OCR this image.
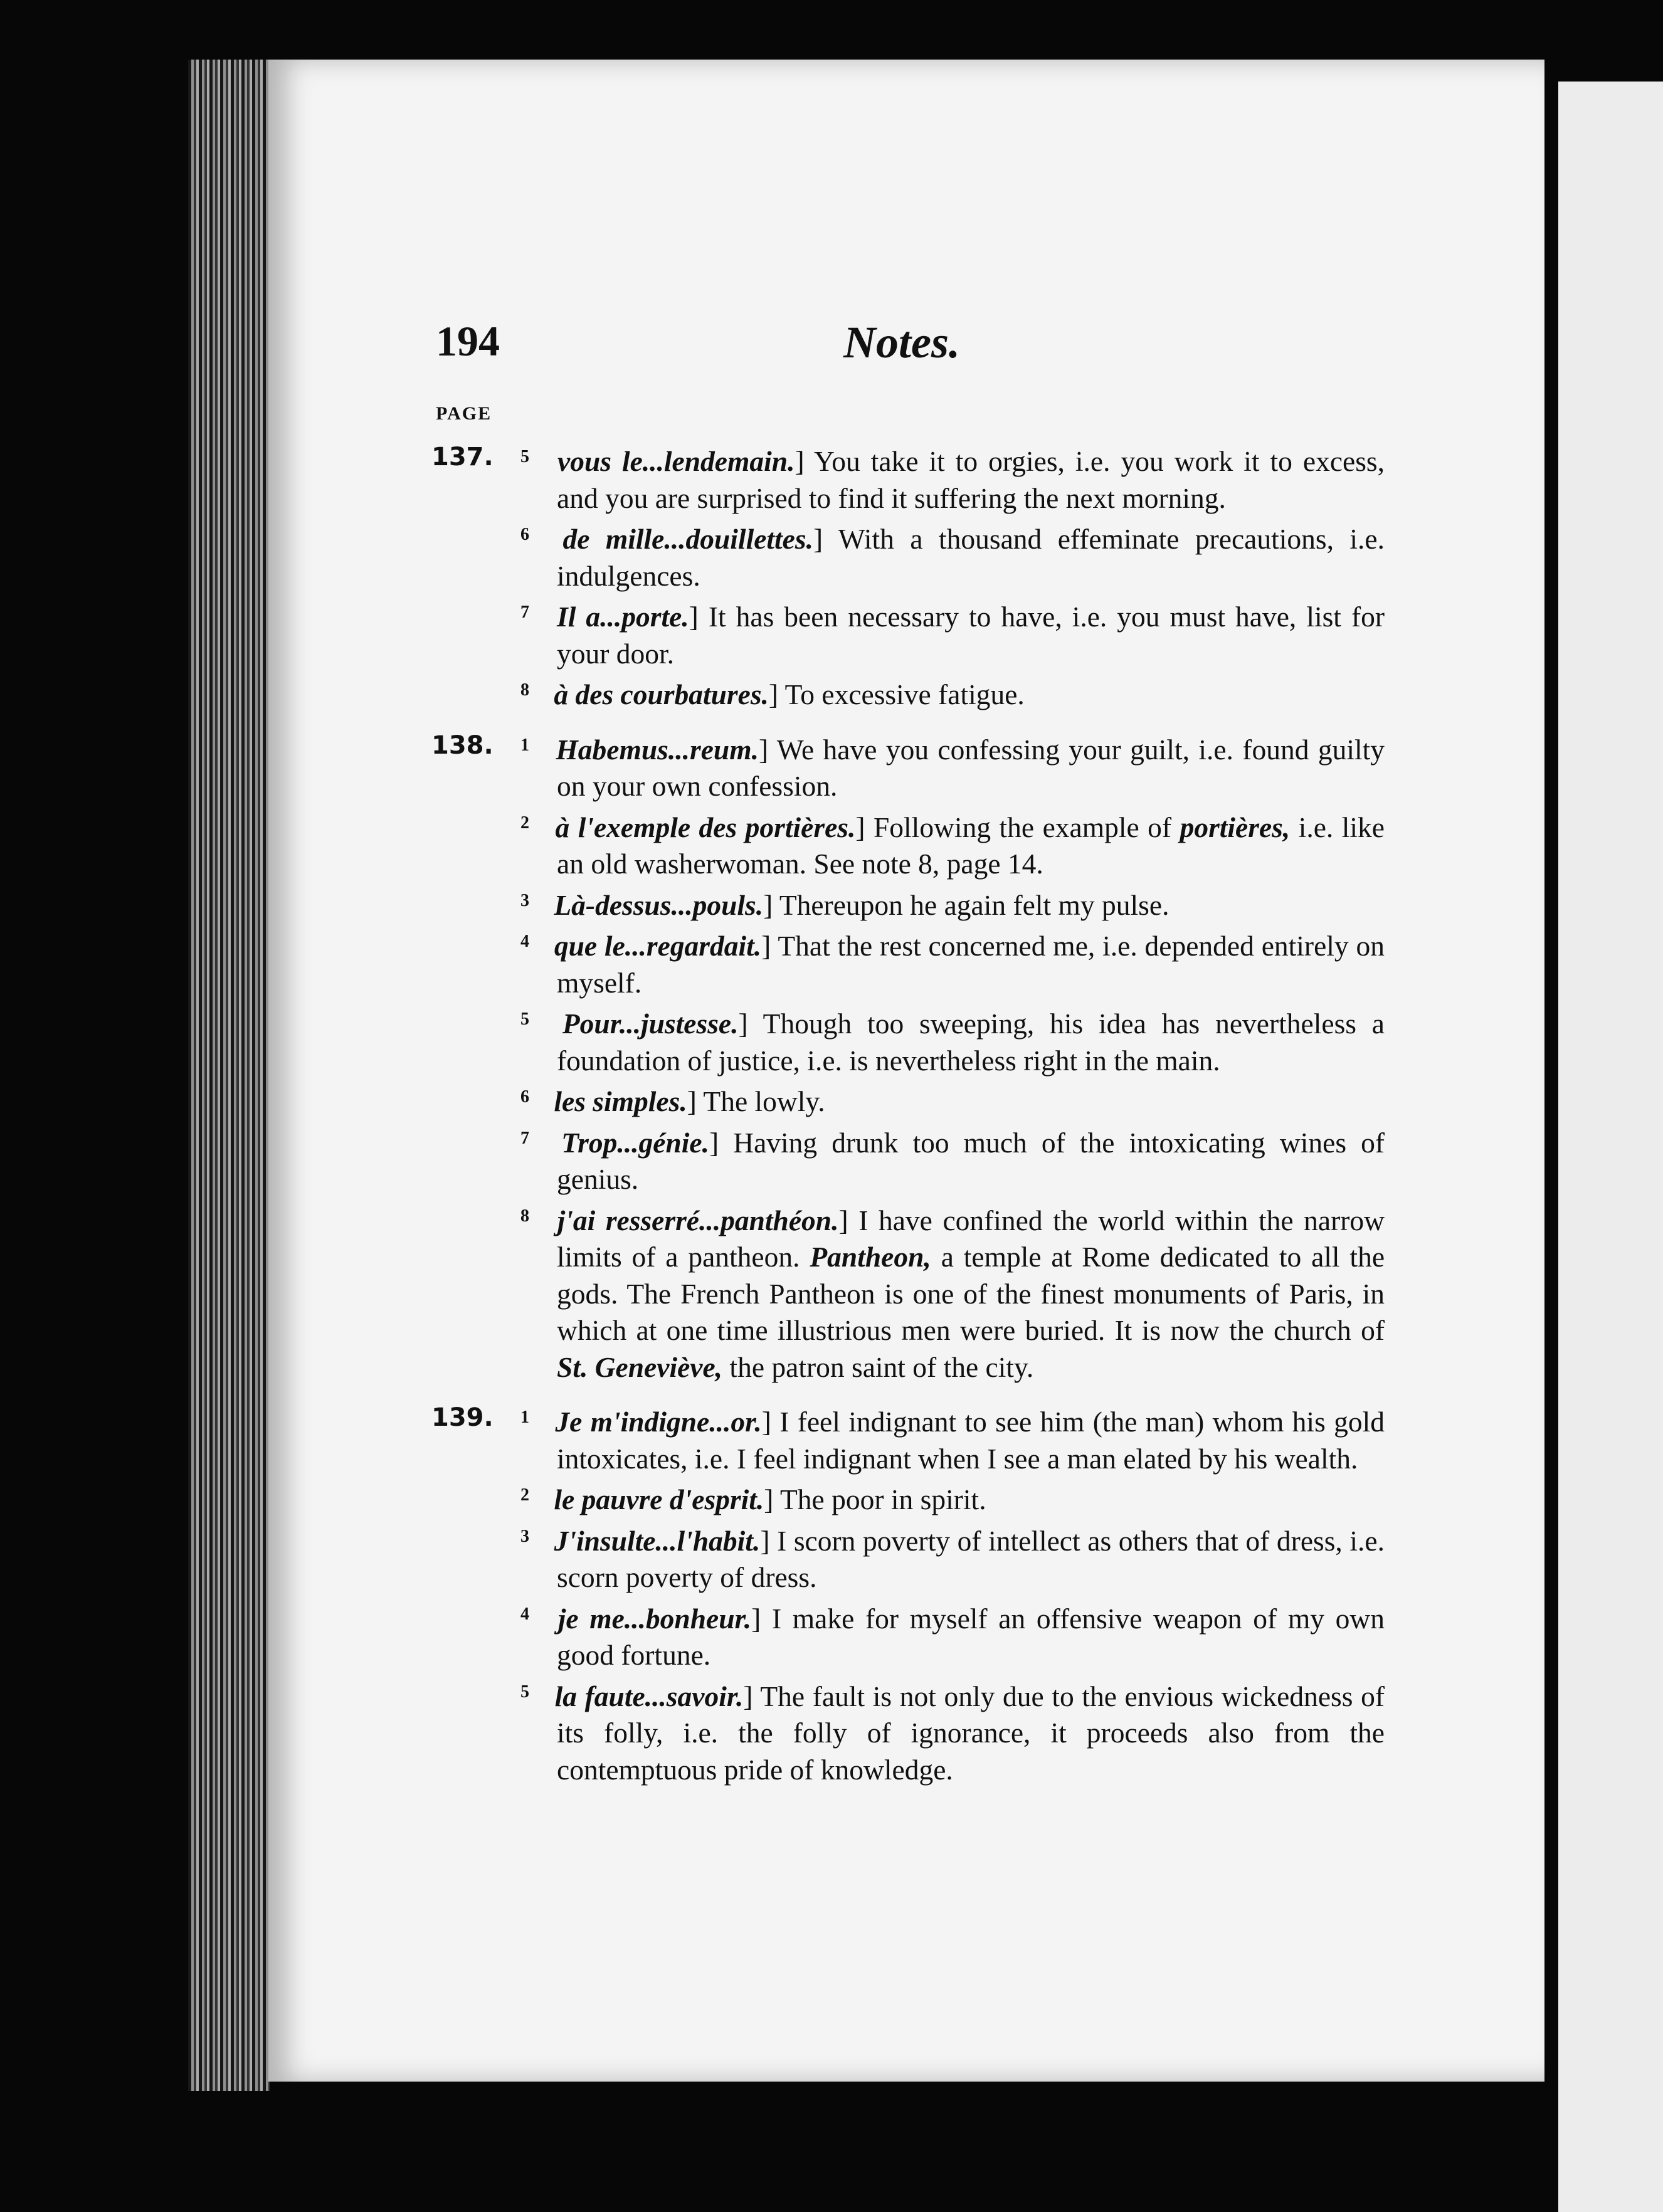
194	Notes.
PAGE
137. 5 vous le...lendemain.] You take it to orgies, i.e. you work it to excess, and you are surprised to find it suffering the next morning.
6 de mille...douillettes.] With a thousand effeminate precautions, i.e. indulgences.
7 Il a...porte.] It has been necessary to have, i.e. you must have, list for your door.
8 à des courbatures.] To excessive fatigue.
138. 1 Habemus...reum.] We have you confessing your guilt, i.e. found guilty on your own confession.
2 à l'exemple des portières.] Following the example of portières, i.e. like an old washerwoman. See note 8, page 14.
3 Là-dessus...pouls.] Thereupon he again felt my pulse.
4 que le...regardait.] That the rest concerned me, i.e. depended entirely on myself.
5 Pour...justesse.] Though too sweeping, his idea has nevertheless a foundation of justice, i.e. is nevertheless right in the main.
6 les simples.] The lowly.
7 Trop...génie.] Having drunk too much of the intoxicating wines of genius.
8 j'ai resserré...panthéon.] I have confined the world within the narrow limits of a pantheon. Pantheon, a temple at Rome dedicated to all the gods. The French Pantheon is one of the finest monuments of Paris, in which at one time illustrious men were buried. It is now the church of St. Geneviève, the patron saint of the city.
139. 1 Je m'indigne...or.] I feel indignant to see him (the man) whom his gold intoxicates, i.e. I feel indignant when I see a man elated by his wealth.
2 le pauvre d'esprit.] The poor in spirit.
3 J'insulte...l'habit.] I scorn poverty of intellect as others that of dress, i.e. scorn poverty of dress.
4 je me...bonheur.] I make for myself an offensive weapon of my own good fortune.
5 la faute...savoir.] The fault is not only due to the envious wickedness of its folly, i.e. the folly of ignorance, it proceeds also from the contemptuous pride of knowledge.
